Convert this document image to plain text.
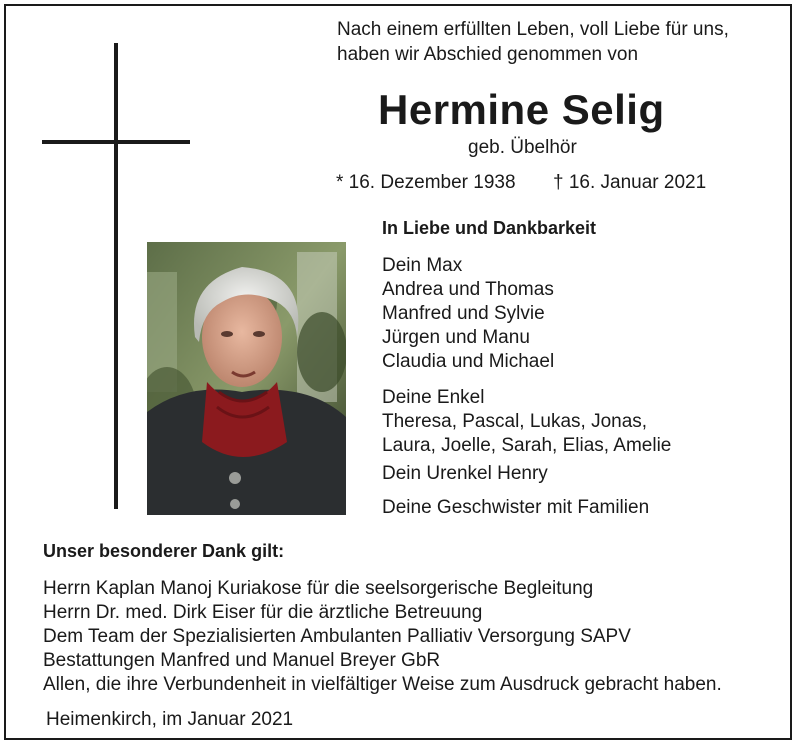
Nach einem erfüllten Leben, voll Liebe für uns,
haben wir Abschied genommen von
Hermine Selig
geb. Übelhör
* 16. Dezember 1938 † 16. Januar 2021
In Liebe und Dankbarkeit
Dein Max
Andrea und Thomas
Manfred und Sylvie
Jürgen und Manu
Claudia und Michael
Deine Enkel
Theresa, Pascal, Lukas, Jonas,
Laura, Joelle, Sarah, Elias, Amelie
Dein Urenkel Henry
Deine Geschwister mit Familien
Unser besonderer Dank gilt:
Herrn Kaplan Manoj Kuriakose für die seelsorgerische Begleitung
Herrn Dr. med. Dirk Eiser für die ärztliche Betreuung
Dem Team der Spezialisierten Ambulanten Palliativ Versorgung SAPV
Bestattungen Manfred und Manuel Breyer GbR
Allen, die ihre Verbundenheit in vielfältiger Weise zum Ausdruck gebracht haben.
Heimenkirch, im Januar 2021
